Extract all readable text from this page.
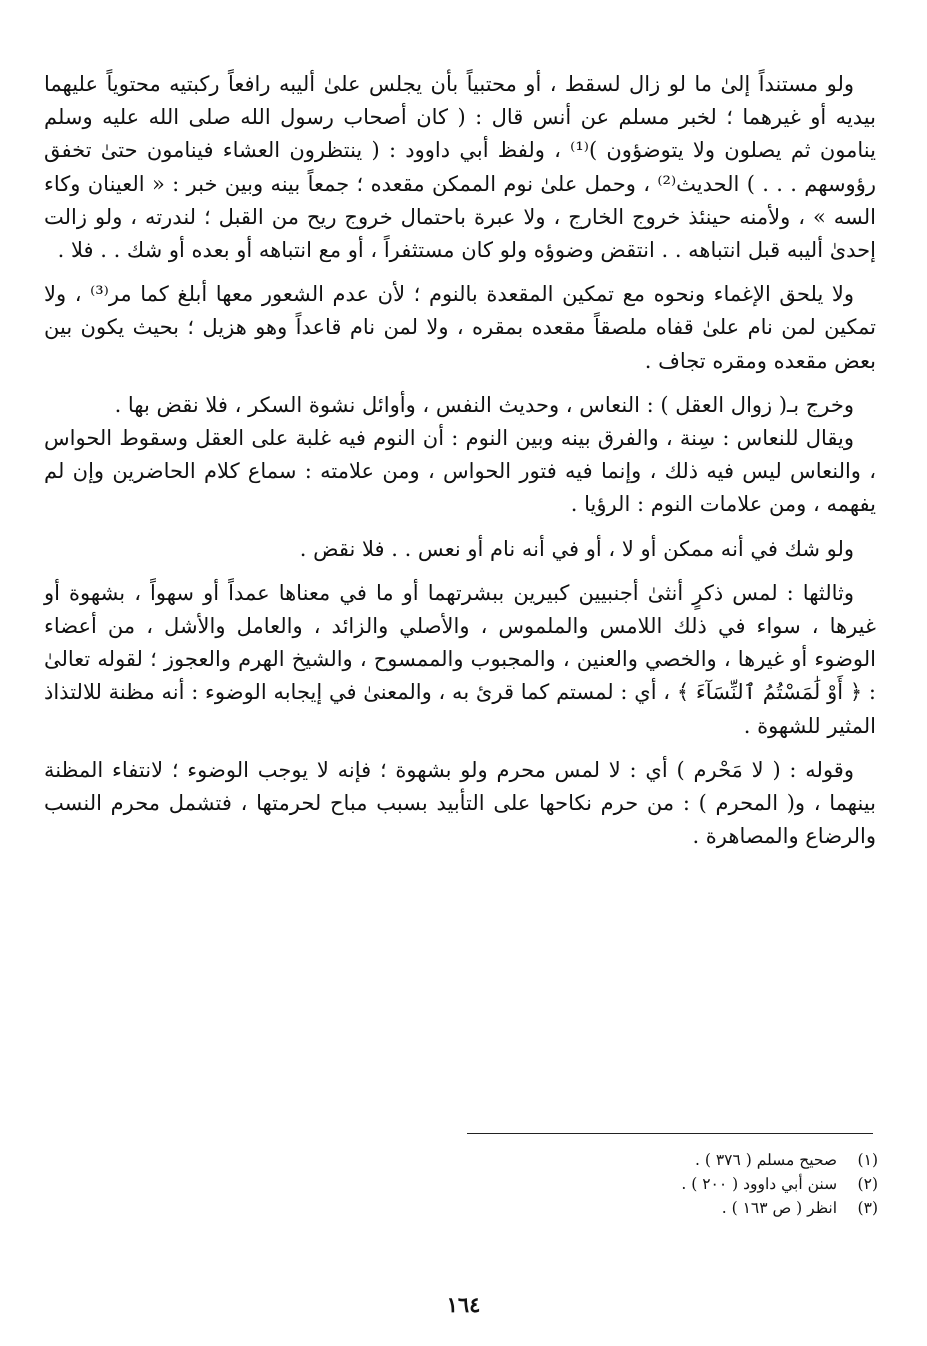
ولو مستنداً إلىٰ ما لو زال لسقط ، أو محتبياً بأن يجلس علىٰ أليبه رافعاً ركبتيه محتوياً عليهما بيديه أو غيرهما ؛ لخبر مسلم عن أنس قال : ( كان أصحاب رسول الله صلى الله عليه وسلم ينامون ثم يصلون ولا يتوضؤون )⁽¹⁾ ، ولفظ أبي داوود : ( ينتظرون العشاء فينامون حتىٰ تخفق رؤوسهم . . . ) الحديث⁽²⁾ ، وحمل علىٰ نوم الممكن مقعده ؛ جمعاً بينه وبين خبر : « العينان وكاء السه » ، ولأمنه حينئذ خروج الخارج ، ولا عبرة باحتمال خروج ريح من القبل ؛ لندرته ، ولو زالت إحدىٰ أليبه قبل انتباهه . . انتقض وضوؤه ولو كان مستثفراً ، أو مع انتباهه أو بعده أو شك . . فلا .

ولا يلحق الإغماء ونحوه مع تمكين المقعدة بالنوم ؛ لأن عدم الشعور معها أبلغ كما مر⁽³⁾ ، ولا تمكين لمن نام علىٰ قفاه ملصقاً مقعده بمقره ، ولا لمن نام قاعداً وهو هزيل ؛ بحيث يكون بين بعض مقعده ومقره تجاف .

وخرج بـ( زوال العقل ) : النعاس ، وحديث النفس ، وأوائل نشوة السكر ، فلا نقض بها .

ويقال للنعاس : سِنة ، والفرق بينه وبين النوم : أن النوم فيه غلبة على العقل وسقوط الحواس ، والنعاس ليس فيه ذلك ، وإنما فيه فتور الحواس ، ومن علامته : سماع كلام الحاضرين وإن لم يفهمه ، ومن علامات النوم : الرؤيا .

ولو شك في أنه ممكن أو لا ، أو في أنه نام أو نعس . . فلا نقض .

وثالثها : لمس ذكرٍ أنثىٰ أجنبيين كبيرين ببشرتهما أو ما في معناها عمداً أو سهواً ، بشهوة أو غيرها ، سواء في ذلك اللامس والملموس ، والأصلي والزائد ، والعامل والأشل ، من أعضاء الوضوء أو غيرها ، والخصي والعنين ، والمجبوب والممسوح ، والشيخ الهرم والعجوز ؛ لقوله تعالىٰ : ﴿ أَوْ لَٰمَسْتُمُ ٱلنِّسَآءَ ﴾ ، أي : لمستم كما قرئ به ، والمعنىٰ في إيجابه الوضوء : أنه مظنة للالتذاذ المثير للشهوة .

وقوله : ( لا مَحْرم ) أي : لا لمس محرم ولو بشهوة ؛ فإنه لا يوجب الوضوء ؛ لانتفاء المظنة بينهما ، و( المحرم ) : من حرم نكاحها على التأبيد بسبب مباح لحرمتها ، فتشمل محرم النسب والرضاع والمصاهرة .

(١) صحيح مسلم ( ٣٧٦ ) .
(٢) سنن أبي داوود ( ٢٠٠ ) .
(٣) انظر ( ص ١٦٣ ) .
١٦٤
